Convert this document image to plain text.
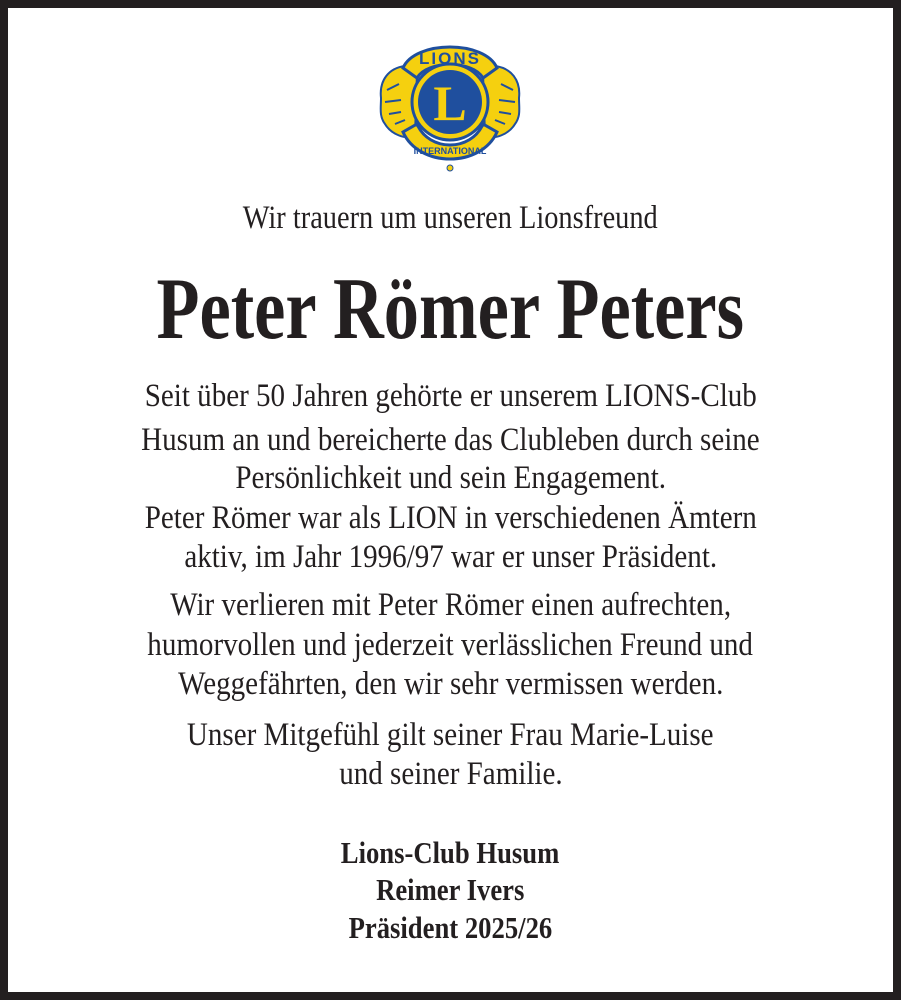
L
LIONS
INTERNATIONAL
Wir trauern um unseren Lionsfreund
Peter Römer Peters
Seit über 50 Jahren gehörte er unserem LIONS-Club
Husum an und bereicherte das Clubleben durch seine
Persönlichkeit und sein Engagement.
Peter Römer war als LION in verschiedenen Ämtern
aktiv, im Jahr 1996/97 war er unser Präsident.
Wir verlieren mit Peter Römer einen aufrechten,
humorvollen und jederzeit verlässlichen Freund und
Weggefährten, den wir sehr vermissen werden.
Unser Mitgefühl gilt seiner Frau Marie-Luise
und seiner Familie.
Lions-Club Husum
Reimer Ivers
Präsident 2025/26
